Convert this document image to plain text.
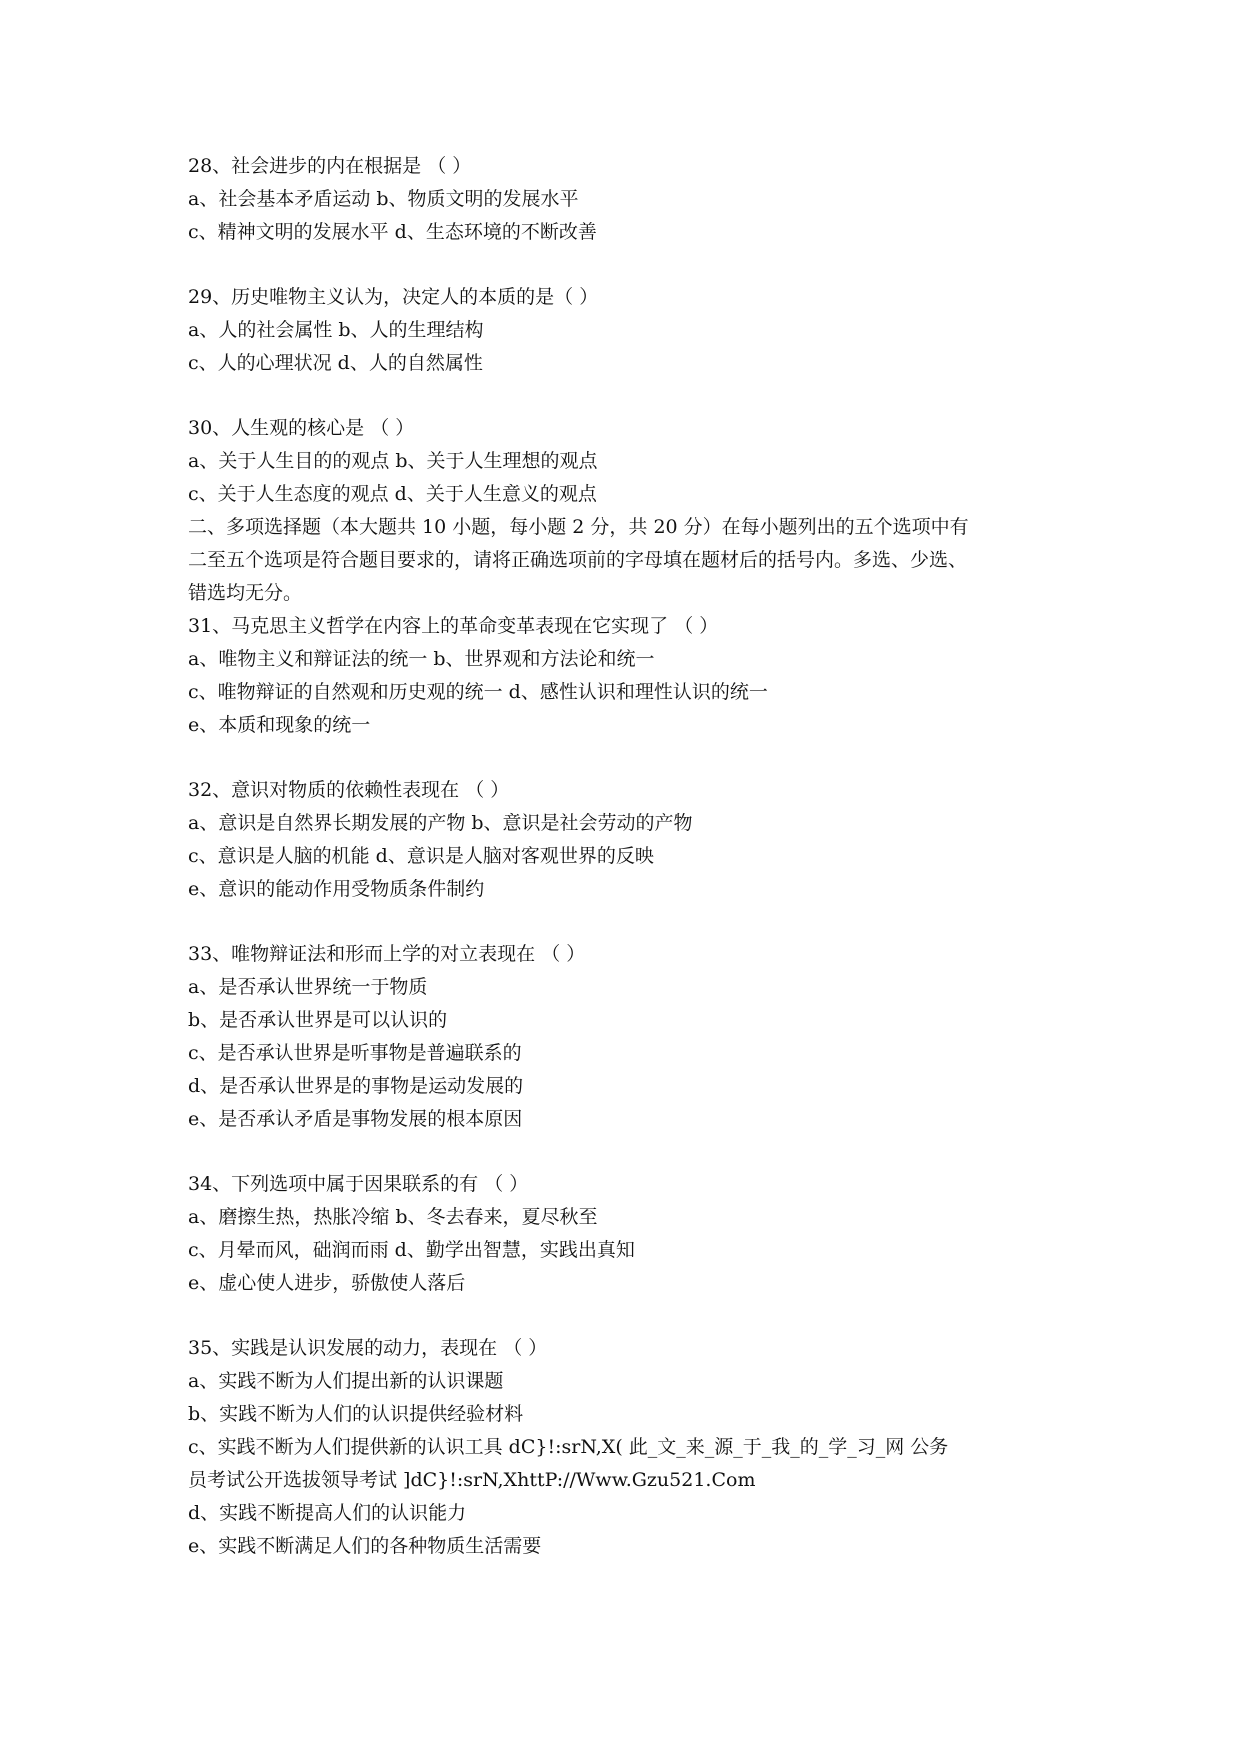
28、社会进步的内在根据是 （ ）

a、社会基本矛盾运动 b、物质文明的发展水平

c、精神文明的发展水平 d、生态环境的不断改善

29、历史唯物主义认为，决定人的本质的是（ ）

a、人的社会属性 b、人的生理结构

c、人的心理状况 d、人的自然属性

30、人生观的核心是 （ ）

a、关于人生目的的观点 b、关于人生理想的观点

c、关于人生态度的观点 d、关于人生意义的观点

二、多项选择题（本大题共 10 小题，每小题 2 分，共 20 分）在每小题列出的五个选项中有

二至五个选项是符合题目要求的，请将正确选项前的字母填在题材后的括号内。多选、少选、

错选均无分。

31、马克思主义哲学在内容上的革命变革表现在它实现了 （ ）

a、唯物主义和辩证法的统一 b、世界观和方法论和统一

c、唯物辩证的自然观和历史观的统一 d、感性认识和理性认识的统一

e、本质和现象的统一

32、意识对物质的依赖性表现在 （ ）

a、意识是自然界长期发展的产物 b、意识是社会劳动的产物

c、意识是人脑的机能 d、意识是人脑对客观世界的反映

e、意识的能动作用受物质条件制约

33、唯物辩证法和形而上学的对立表现在 （ ）

a、是否承认世界统一于物质

b、是否承认世界是可以认识的

c、是否承认世界是听事物是普遍联系的

d、是否承认世界是的事物是运动发展的

e、是否承认矛盾是事物发展的根本原因

34、下列选项中属于因果联系的有 （ ）

a、磨擦生热，热胀冷缩 b、冬去春来，夏尽秋至

c、月晕而风，础润而雨 d、勤学出智慧，实践出真知

e、虚心使人进步，骄傲使人落后

35、实践是认识发展的动力，表现在 （ ）

a、实践不断为人们提出新的认识课题

b、实践不断为人们的认识提供经验材料

c、实践不断为人们提供新的认识工具 dC}!:srN,X( 此_文_来_源_于_我_的_学_习_网 公务

员考试公开选拔领导考试 ]dC}!:srN,XhttP://Www.Gzu521.Com

d、实践不断提高人们的认识能力

e、实践不断满足人们的各种物质生活需要
